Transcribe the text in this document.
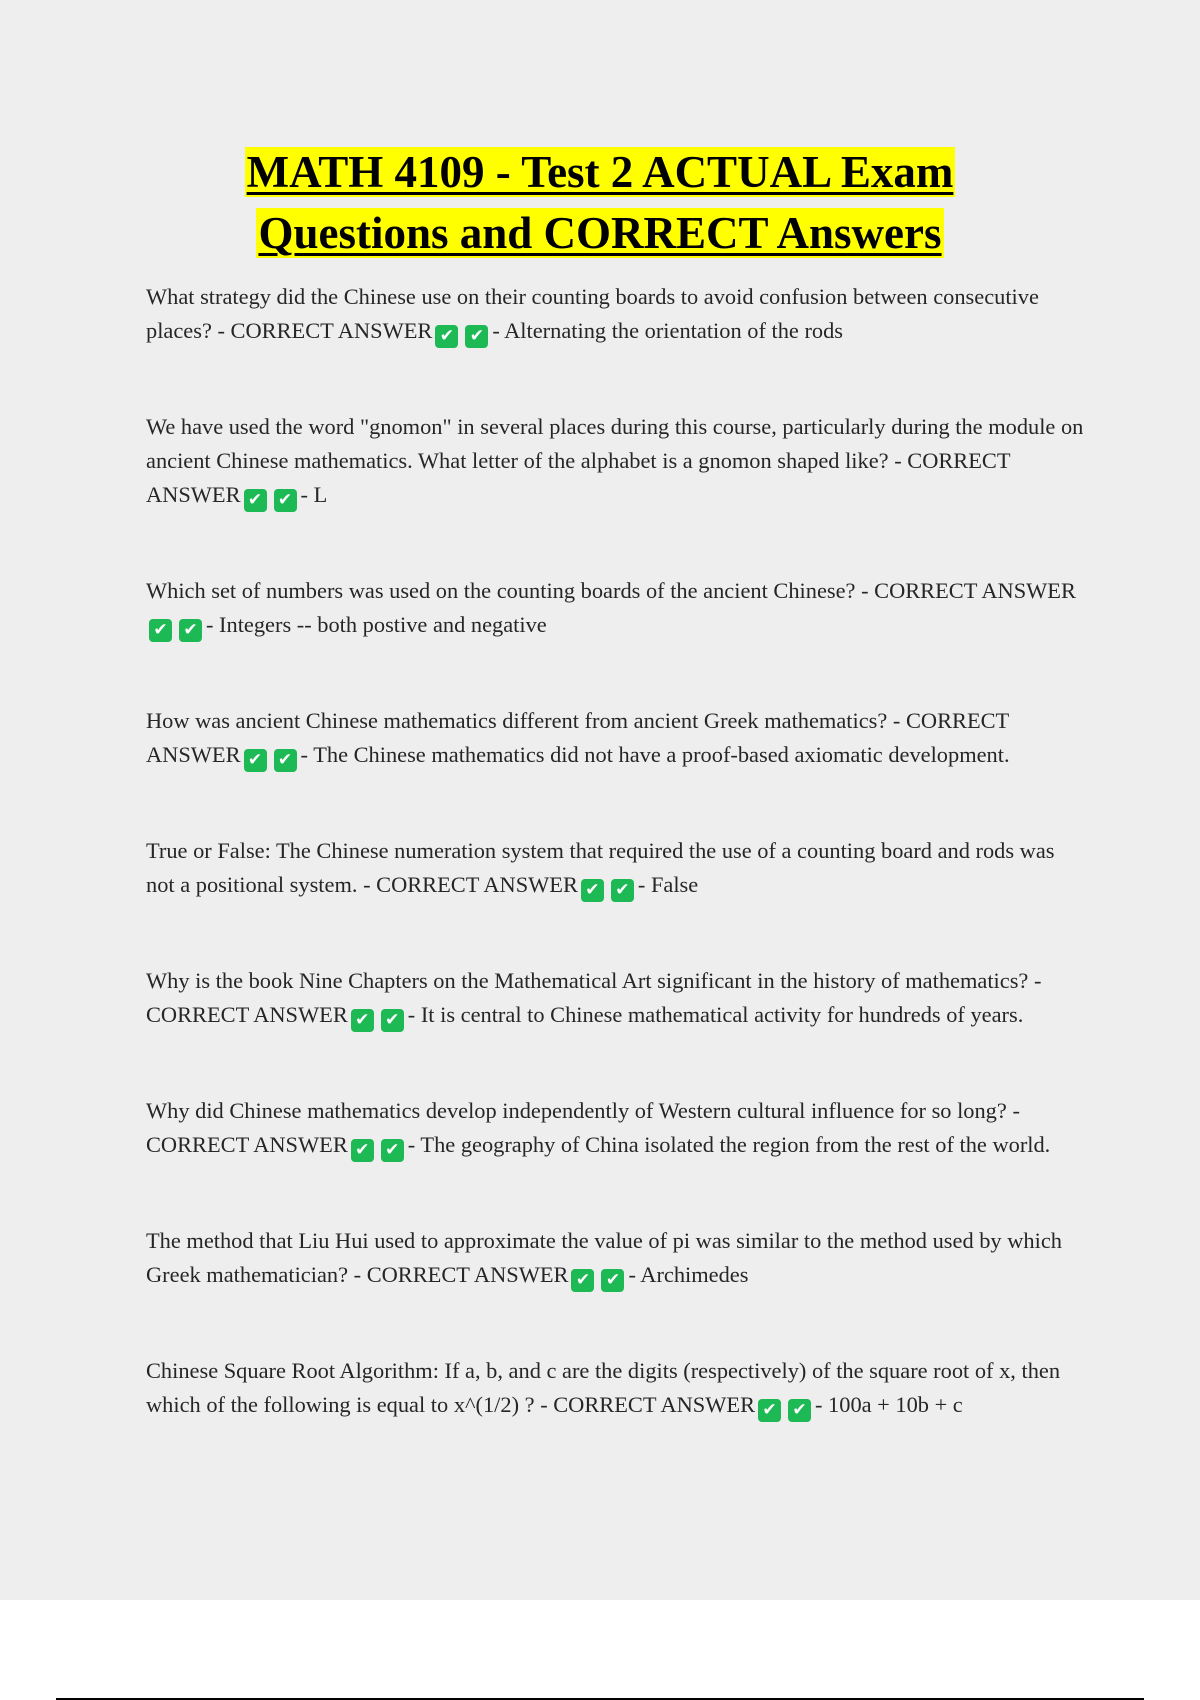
MATH 4109 - Test 2 ACTUAL Exam
Questions and CORRECT Answers

What strategy did the Chinese use on their counting boards to avoid confusion between consecutive places? - CORRECT ANSWER ✔ ✔ - Alternating the orientation of the rods

We have used the word "gnomon" in several places during this course, particularly during the module on ancient Chinese mathematics. What letter of the alphabet is a gnomon shaped like? - CORRECT ANSWER ✔ ✔ - L

Which set of numbers was used on the counting boards of the ancient Chinese? - CORRECT ANSWER✔ ✔ - Integers -- both postive and negative

How was ancient Chinese mathematics different from ancient Greek mathematics? - CORRECT ANSWER ✔ ✔ - The Chinese mathematics did not have a proof-based axiomatic development.

True or False: The Chinese numeration system that required the use of a counting board and rods was not a positional system. - CORRECT ANSWER ✔ ✔ - False

Why is the book Nine Chapters on the Mathematical Art significant in the history of mathematics? - CORRECT ANSWER ✔ ✔ - It is central to Chinese mathematical activity for hundreds of years.

Why did Chinese mathematics develop independently of Western cultural influence for so long? - CORRECT ANSWER ✔ ✔ - The geography of China isolated the region from the rest of the world.

The method that Liu Hui used to approximate the value of pi was similar to the method used by which Greek mathematician? - CORRECT ANSWER ✔ ✔ - Archimedes

Chinese Square Root Algorithm: If a, b, and c are the digits (respectively) of the square root of x, then which of the following is equal to x^(1/2) ? - CORRECT ANSWER ✔ ✔ - 100a + 10b + c
